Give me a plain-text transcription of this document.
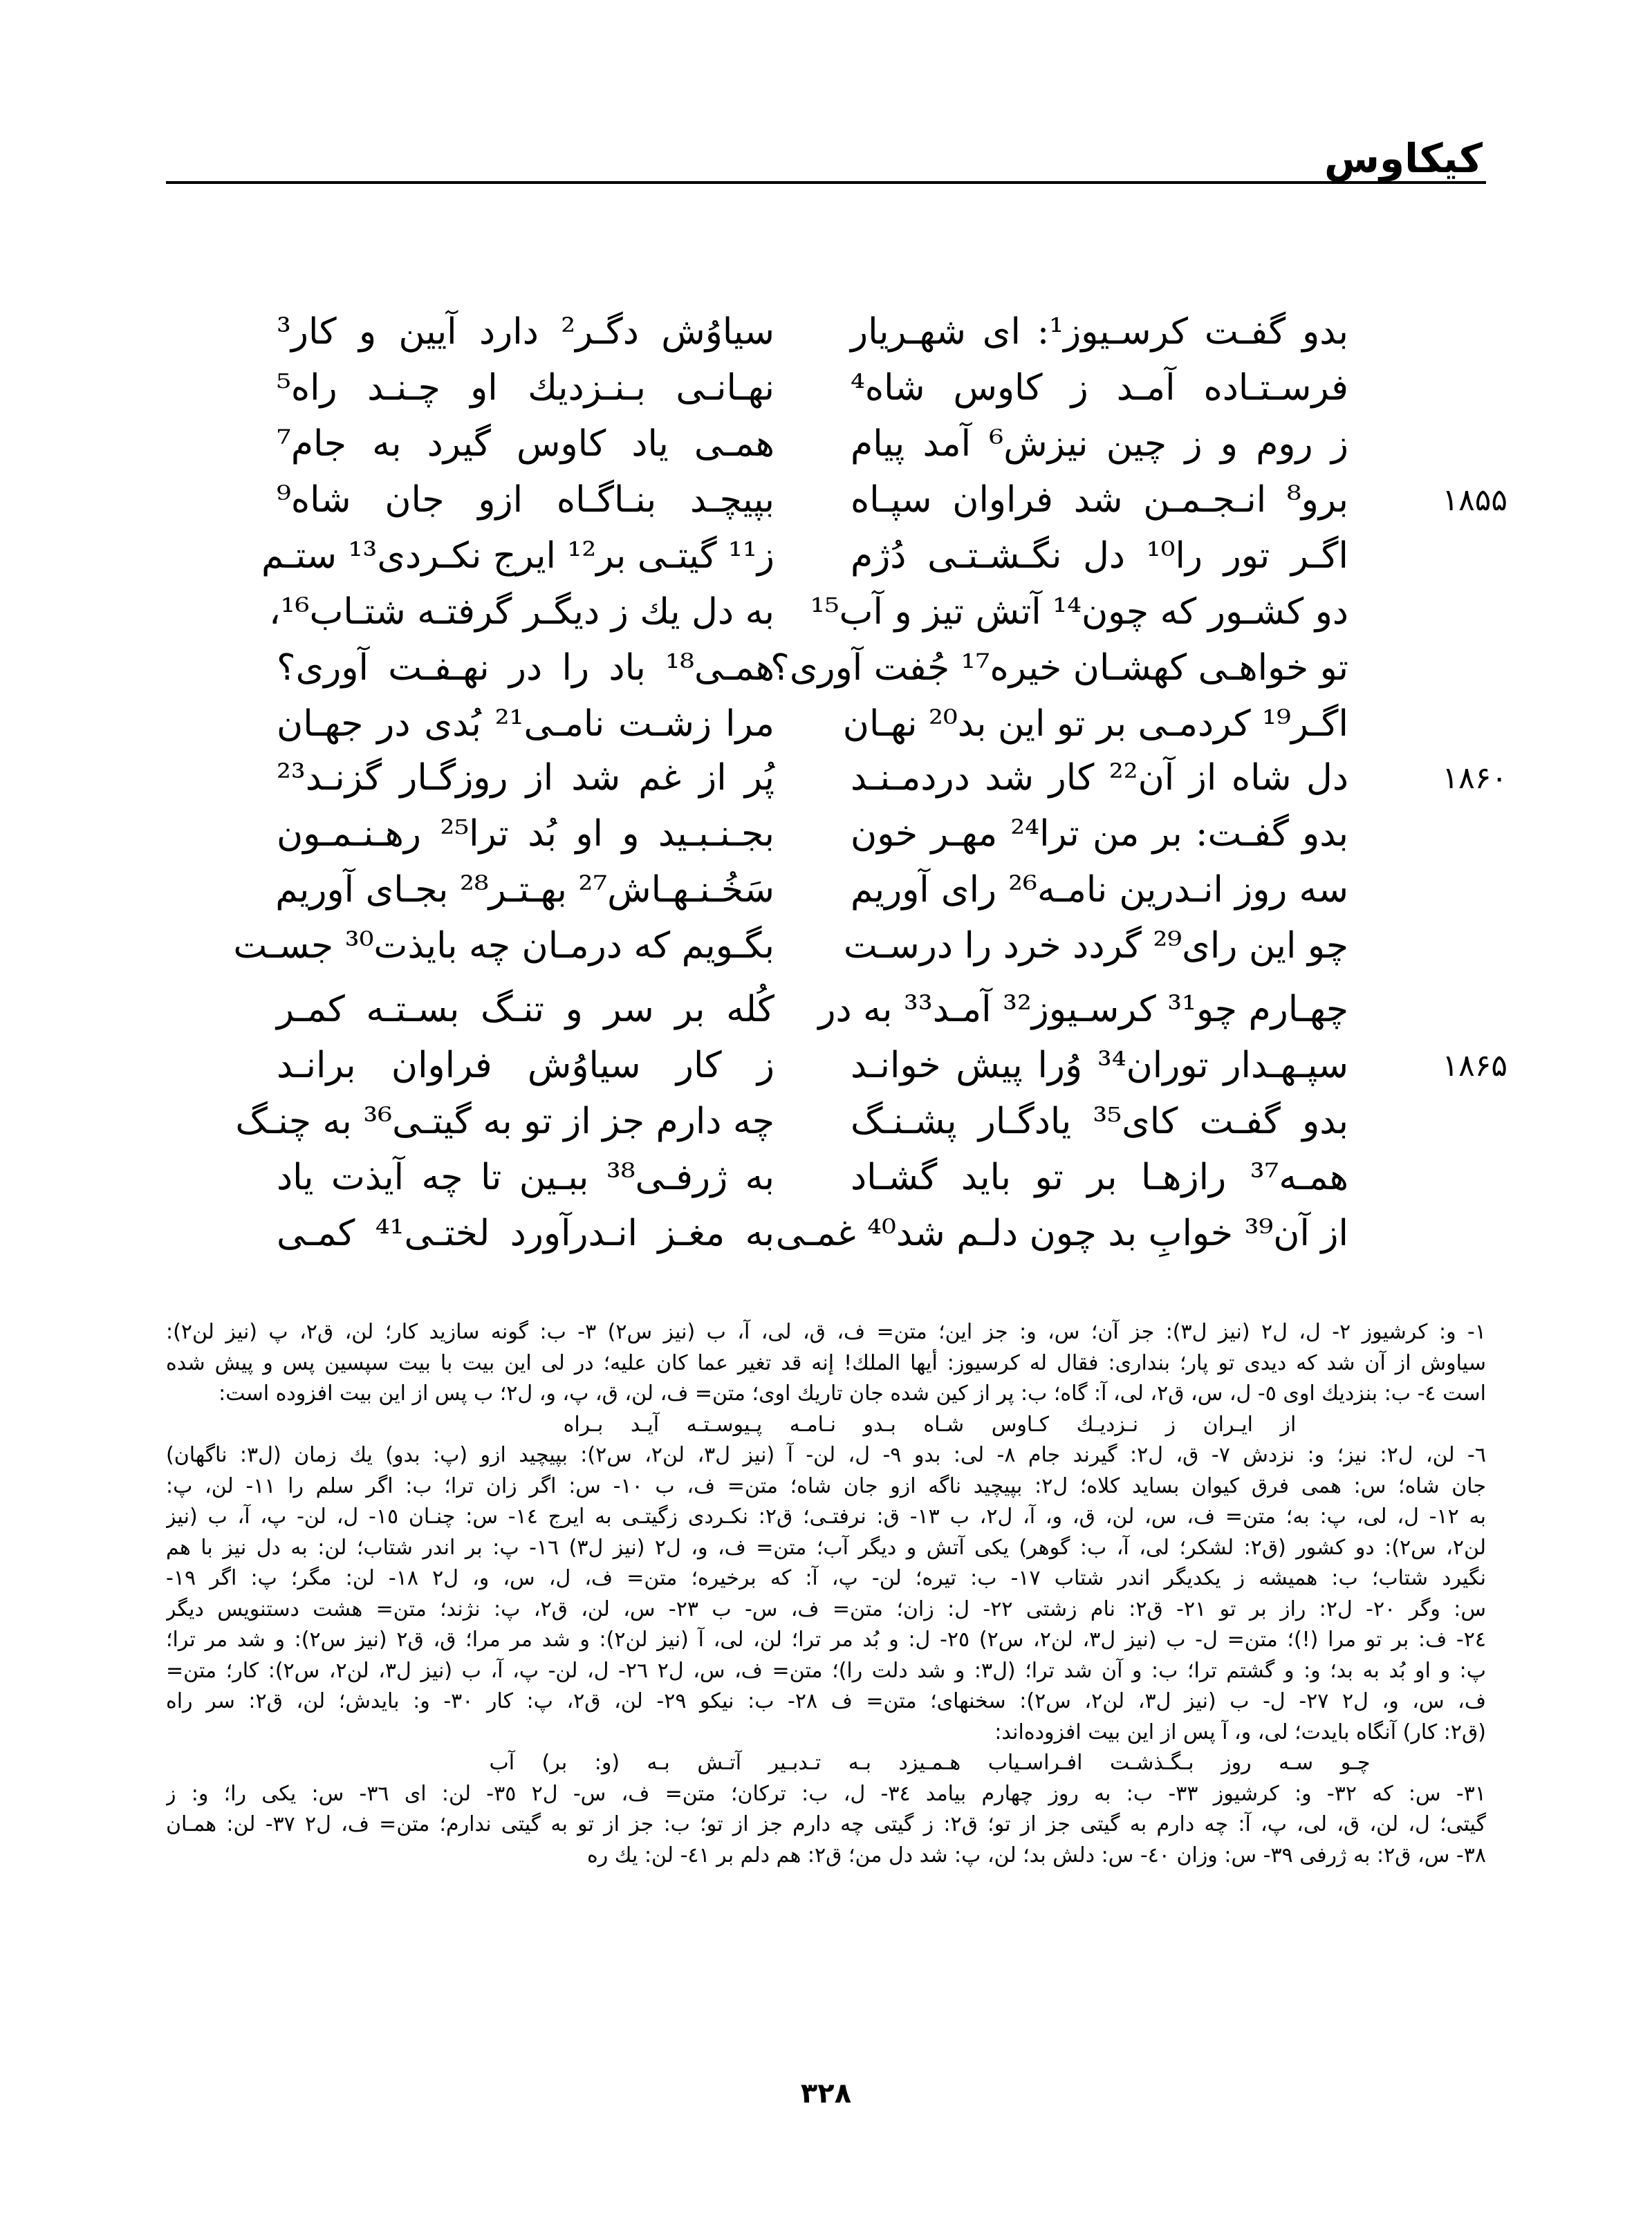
کیکاوس
بدو گفـت کرسـیوز¹: ای شهـریار
سیاوُش دگـر² دارد آیین و کار³
فرسـتـاده آمـد ز کاوس شاه⁴
نهـانـی بـنـزدیك او چـنـد راه⁵
ز روم و ز چین نیزش⁶ آمد پیام
همـی یاد کاوس گیرد به جام⁷
۱۸۵۵
برو⁸ انـجـمـن شد فراوان سپـاه
بپیچـد بنـاگـاه ازو جان شاه⁹
اگـر تور را¹⁰ دل نگـشـتـی دُژم
ز¹¹ گیتـی بر¹² ایرج نکـردی¹³ ستـم
دو کشـور که چون¹⁴ آتش تیز و آب¹⁵
به دل یك ز دیگـر گرفتـه شتـاب¹⁶،
تو خواهـی کهشـان خیره¹⁷ جُفت آوری؟
همـی¹⁸ باد را در نهـفـت آوری؟
اگـر¹⁹ کردمـی بر تو این بد²⁰ نهـان
مرا زشـت نامـی²¹ بُدی در جهـان
۱۸۶۰
دل شاه از آن²² کار شد دردمـنـد
پُر از غم شد از روزگـار گزنـد²³
بدو گفـت: بر من ترا²⁴ مهـر خون
بجـنـبـید و او بُد ترا²⁵ رهـنـمـون
سه روز انـدرین نامـه²⁶ رای آوریم
سَخُـنـهـاش²⁷ بهـتـر²⁸ بجـای آوریم
چو این رای²⁹ گردد خرد را درسـت
بگـویم که درمـان چه بایذت³⁰ جسـت
چهـارم چو³¹ کرسـیوز³² آمـد³³ به در
کُله بر سر و تنـگ بسـتـه کمـر
۱۸۶۵
سپـهـدار توران³⁴ وُرا پیش خوانـد
ز کار سیاوُش فراوان برانـد
بدو گفـت کای³⁵ یادگـار پشـنـگ
چه دارم جز از تو به گیتـی³⁶ به چنـگ
همـه³⁷ رازهـا بر تو باید گشـاد
به ژرفـی³⁸ ببـین تا چه آیذت یاد
از آن³⁹ خوابِ بد چون دلـم شد⁴⁰ غمـی
به مغـز انـدرآورد لختـی⁴¹ کمـی
١- و: کرشیوز ٢- ل، ل٢ (نیز ل٣): جز آن؛ س، و: جز این؛ متن= ف، ق، لی، آ، ب (نیز س٢) ٣- ب: گونه سازید کار؛ لن، ق٢، پ (نیز لن٢):
سیاوش از آن شد که دیدی تو پار؛ بنداری: فقال له کرسیوز: أیها الملك! إنه قد تغیر عما کان علیه؛ در لی این بیت با بیت سپسین پس و پیش شده
است ٤- ب: بنزدیك اوی ٥- ل، س، ق٢، لی، آ: گاه؛ ب: پر از کین شده جان تاریك اوی؛ متن= ف، لن، ق، پ، و، ل٢؛ ب پس از این بیت افزوده است:
از ایـران ز نـزدیـك کـاوس شـاه بـدو نـامـه پـیوسـتـه آیـد بـراه
٦- لن، ل٢: نیز؛ و: نزدش ٧- ق، ل٢: گیرند جام ٨- لی: بدو ٩- ل، لن- آ (نیز ل٣، لن٢، س٢): بپیچید ازو (پ: بدو) یك زمان (ل٣: ناگهان)
جان شاه؛ س: همی فرق کیوان بساید کلاه؛ ل٢: بپیچید ناگه ازو جان شاه؛ متن= ف، ب ١٠- س: اگر زان ترا؛ ب: اگر سلم را ١١- لن، پ:
به ١٢- ل، لی، پ: به؛ متن= ف، س، لن، ق، و، آ، ل٢، ب ١٣- ق: نرفتـی؛ ق٢: نکـردی زگیتـی به ایرج ١٤- س: چنـان ١٥- ل، لن- پ، آ، ب (نیز
لن٢، س٢): دو کشور (ق٢: لشکر؛ لی، آ، ب: گوهر) یکی آتش و دیگر آب؛ متن= ف، و، ل٢ (نیز ل٣) ١٦- پ: بر اندر شتاب؛ لن: به دل نیز با هم
نگیرد شتاب؛ ب: همیشه ز یکدیگر اندر شتاب ١٧- ب: تیره؛ لن- پ، آ: که برخیره؛ متن= ف، ل، س، و، ل٢ ١٨- لن: مگر؛ پ: اگر ١٩-
س: وگر ٢٠- ل٢: راز بر تو ٢١- ق٢: نام زشتی ٢٢- ل: زان؛ متن= ف، س- ب ٢٣- س، لن، ق٢، پ: نژند؛ متن= هشت دستنویس دیگر
٢٤- ف: بر تو مرا (!)؛ متن= ل- ب (نیز ل٣، لن٢، س٢) ٢٥- ل: و بُد مر ترا؛ لن، لی، آ (نیز لن٢): و شد مر مرا؛ ق، ق٢ (نیز س٢): و شد مر ترا؛
پ: و او بُد به بد؛ و: و گشتم ترا؛ ب: و آن شد ترا؛ (ل٣: و شد دلت را)؛ متن= ف، س، ل٢ ٢٦- ل، لن- پ، آ، ب (نیز ل٣، لن٢، س٢): کار؛ متن=
ف، س، و، ل٢ ٢٧- ل- ب (نیز ل٣، لن٢، س٢): سخنهای؛ متن= ف ٢٨- ب: نیکو ٢٩- لن، ق٢، پ: کار ٣٠- و: بایدش؛ لن، ق٢: سر راه
(ق٢: کار) آنگاه بایدت؛ لی، و، آ پس از این بیت افزوده‌اند:
چـو سـه روز بـگـذشـت افـراسـیاب هـمـیزد بـه تـدبـیر آتـش بـه (و: بر) آب
٣١- س: که ٣٢- و: کرشیوز ٣٣- ب: به روز چهارم بیامد ٣٤- ل، ب: ترکان؛ متن= ف، س- ل٢ ٣٥- لن: ای ٣٦- س: یکی را؛ و: ز
گیتی؛ ل، لن، ق، لی، پ، آ: چه دارم به گیتی جز از تو؛ ق٢: ز گیتی چه دارم جز از تو؛ ب: جز از تو به گیتی ندارم؛ متن= ف، ل٢ ٣٧- لن: همـان
٣٨- س، ق٢: به ژرفی ٣٩- س: وزان ٤٠- س: دلش بد؛ لن، پ: شد دل من؛ ق٢: هم دلم بر ٤١- لن: یك ره
۳۲۸
